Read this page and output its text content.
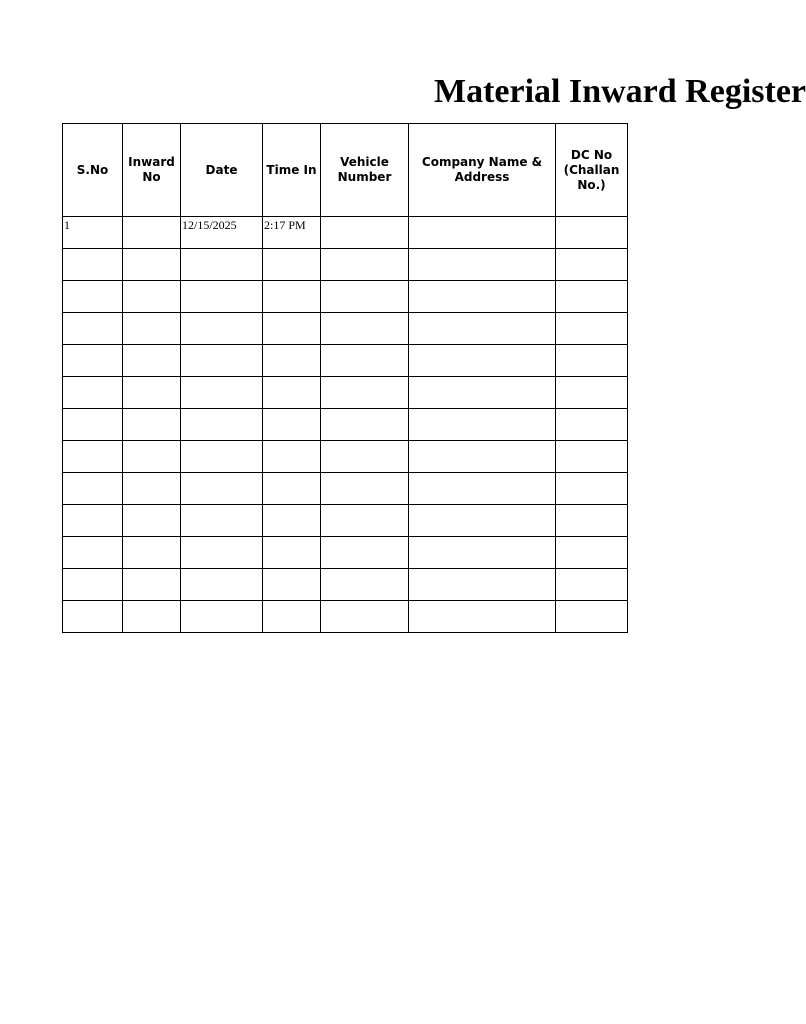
Material Inward Register
S.No	Inward No	Date	Time In	Vehicle Number	Company Name & Address	DC No (Challan No.)
1		12/15/2025	2:17 PM			
